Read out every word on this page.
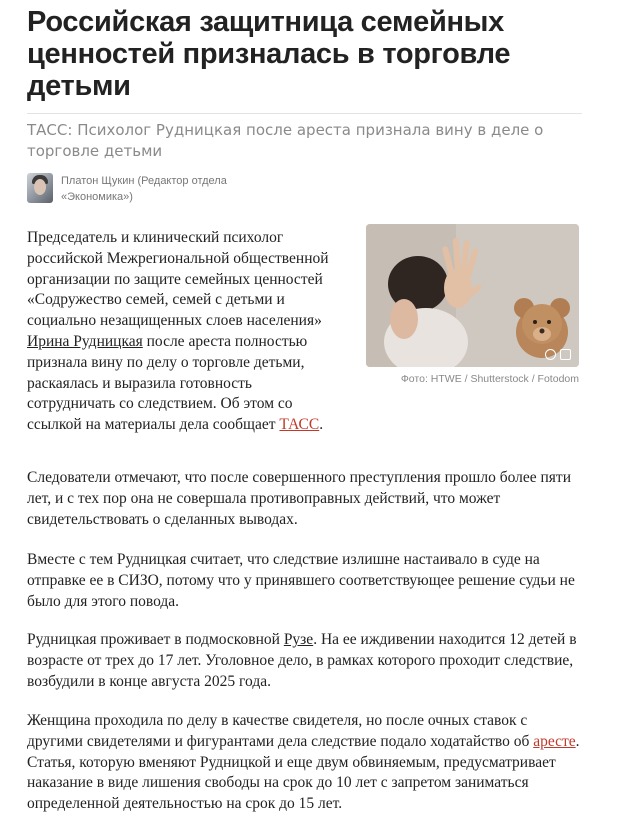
Российская защитница семейных ценностей призналась в торговле детьми
ТАСС: Психолог Рудницкая после ареста признала вину в деле о торговле детьми
Платон Щукин (Редактор отдела «Экономика»)
Фото: HTWE / Shutterstock / Fotodom
Председатель и клинический психолог российской Межрегиональной общественной организации по защите семейных ценностей «Содружество семей, семей с детьми и социально незащищенных слоев населения» Ирина Рудницкая после ареста полностью признала вину по делу о торговле детьми, раскаялась и выразила готовность сотрудничать со следствием. Об этом со ссылкой на материалы дела сообщает ТАСС.
Следователи отмечают, что после совершенного преступления прошло более пяти лет, и с тех пор она не совершала противоправных действий, что может свидетельствовать о сделанных выводах.
Вместе с тем Рудницкая считает, что следствие излишне настаивало в суде на отправке ее в СИЗО, потому что у принявшего соответствующее решение судьи не было для этого повода.
Рудницкая проживает в подмосковной Рузе. На ее иждивении находится 12 детей в возрасте от трех до 17 лет. Уголовное дело, в рамках которого проходит следствие, возбудили в конце августа 2025 года.
Женщина проходила по делу в качестве свидетеля, но после очных ставок с другими свидетелями и фигурантами дела следствие подало ходатайство об аресте. Статья, которую вменяют Рудницкой и еще двум обвиняемым, предусматривает наказание в виде лишения свободы на срок до 10 лет с запретом заниматься определенной деятельностью на срок до 15 лет.
